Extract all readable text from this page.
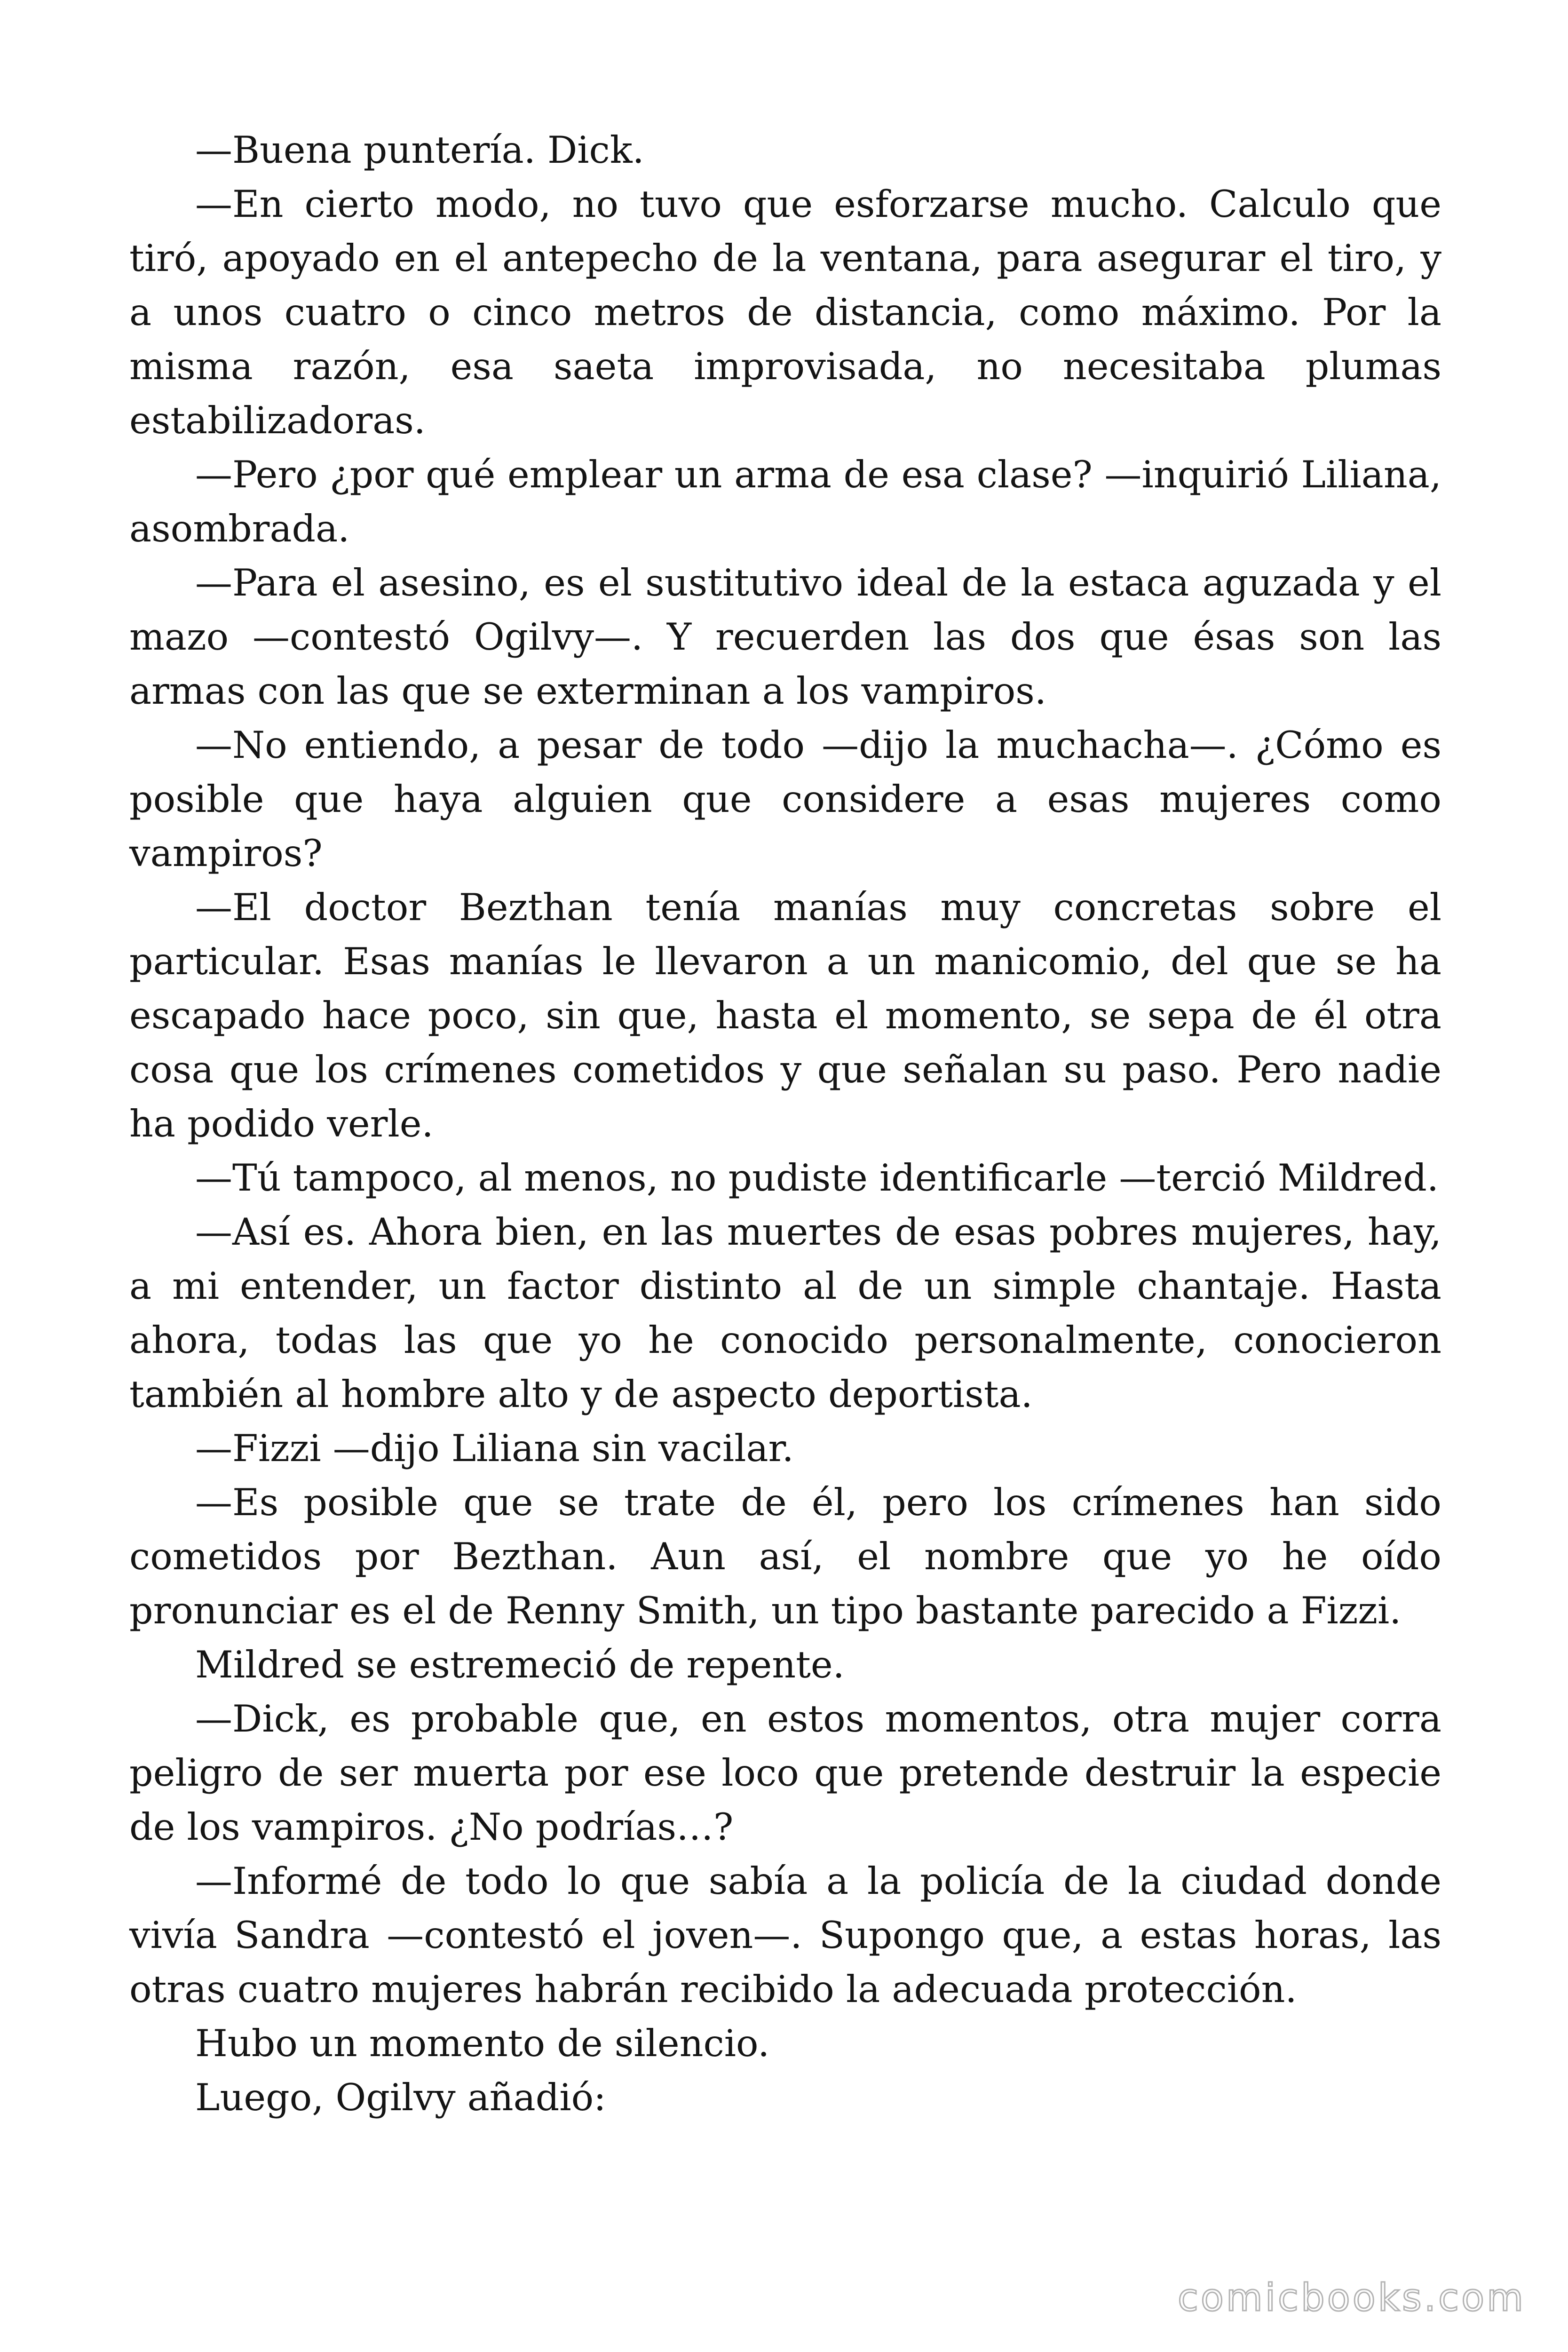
—Buena puntería. Dick.

—En cierto modo, no tuvo que esforzarse mucho. Calculo que tiró, apoyado en el antepecho de la ventana, para asegurar el tiro, y a unos cuatro o cinco metros de distancia, como máximo. Por la misma razón, esa saeta improvisada, no necesitaba plumas estabilizadoras.

—Pero ¿por qué emplear un arma de esa clase? —inquirió Liliana, asombrada.

—Para el asesino, es el sustitutivo ideal de la estaca aguzada y el mazo —contestó Ogilvy—. Y recuerden las dos que ésas son las armas con las que se exterminan a los vampiros.

—No entiendo, a pesar de todo —dijo la muchacha—. ¿Cómo es posible que haya alguien que considere a esas mujeres como vampiros?

—El doctor Bezthan tenía manías muy concretas sobre el particular. Esas manías le llevaron a un manicomio, del que se ha escapado hace poco, sin que, hasta el momento, se sepa de él otra cosa que los crímenes cometidos y que señalan su paso. Pero nadie ha podido verle.

—Tú tampoco, al menos, no pudiste identificarle —terció Mildred.

—Así es. Ahora bien, en las muertes de esas pobres mujeres, hay, a mi entender, un factor distinto al de un simple chantaje. Hasta ahora, todas las que yo he conocido personalmente, conocieron también al hombre alto y de aspecto deportista.

—Fizzi —dijo Liliana sin vacilar.

—Es posible que se trate de él, pero los crímenes han sido cometidos por Bezthan. Aun así, el nombre que yo he oído pronunciar es el de Renny Smith, un tipo bastante parecido a Fizzi.

Mildred se estremeció de repente.

—Dick, es probable que, en estos momentos, otra mujer corra peligro de ser muerta por ese loco que pretende destruir la especie de los vampiros. ¿No podrías…?

—Informé de todo lo que sabía a la policía de la ciudad donde vivía Sandra —contestó el joven—. Supongo que, a estas horas, las otras cuatro mujeres habrán recibido la adecuada protección.

Hubo un momento de silencio.

Luego, Ogilvy añadió:

comicbooks.com
